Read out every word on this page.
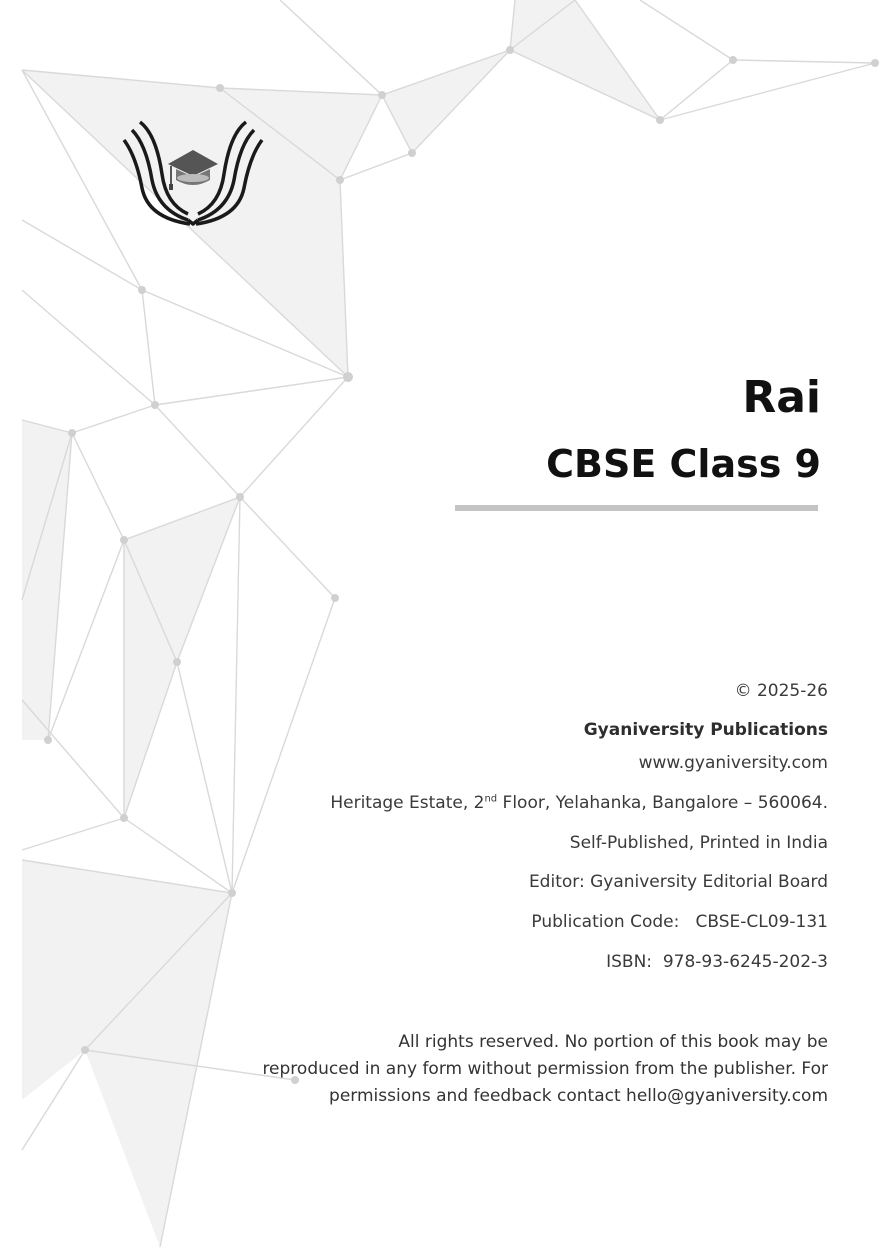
Rai
CBSE Class 9
© 2025-26
Gyaniversity Publications
www.gyaniversity.com
Heritage Estate, 2nd Floor, Yelahanka, Bangalore – 560064.
Self-Published, Printed in India
Editor: Gyaniversity Editorial Board
Publication Code:   CBSE-CL09-131
ISBN:  978-93-6245-202-3
All rights reserved. No portion of this book may be
reproduced in any form without permission from the publisher. For
permissions and feedback contact hello@gyaniversity.com
